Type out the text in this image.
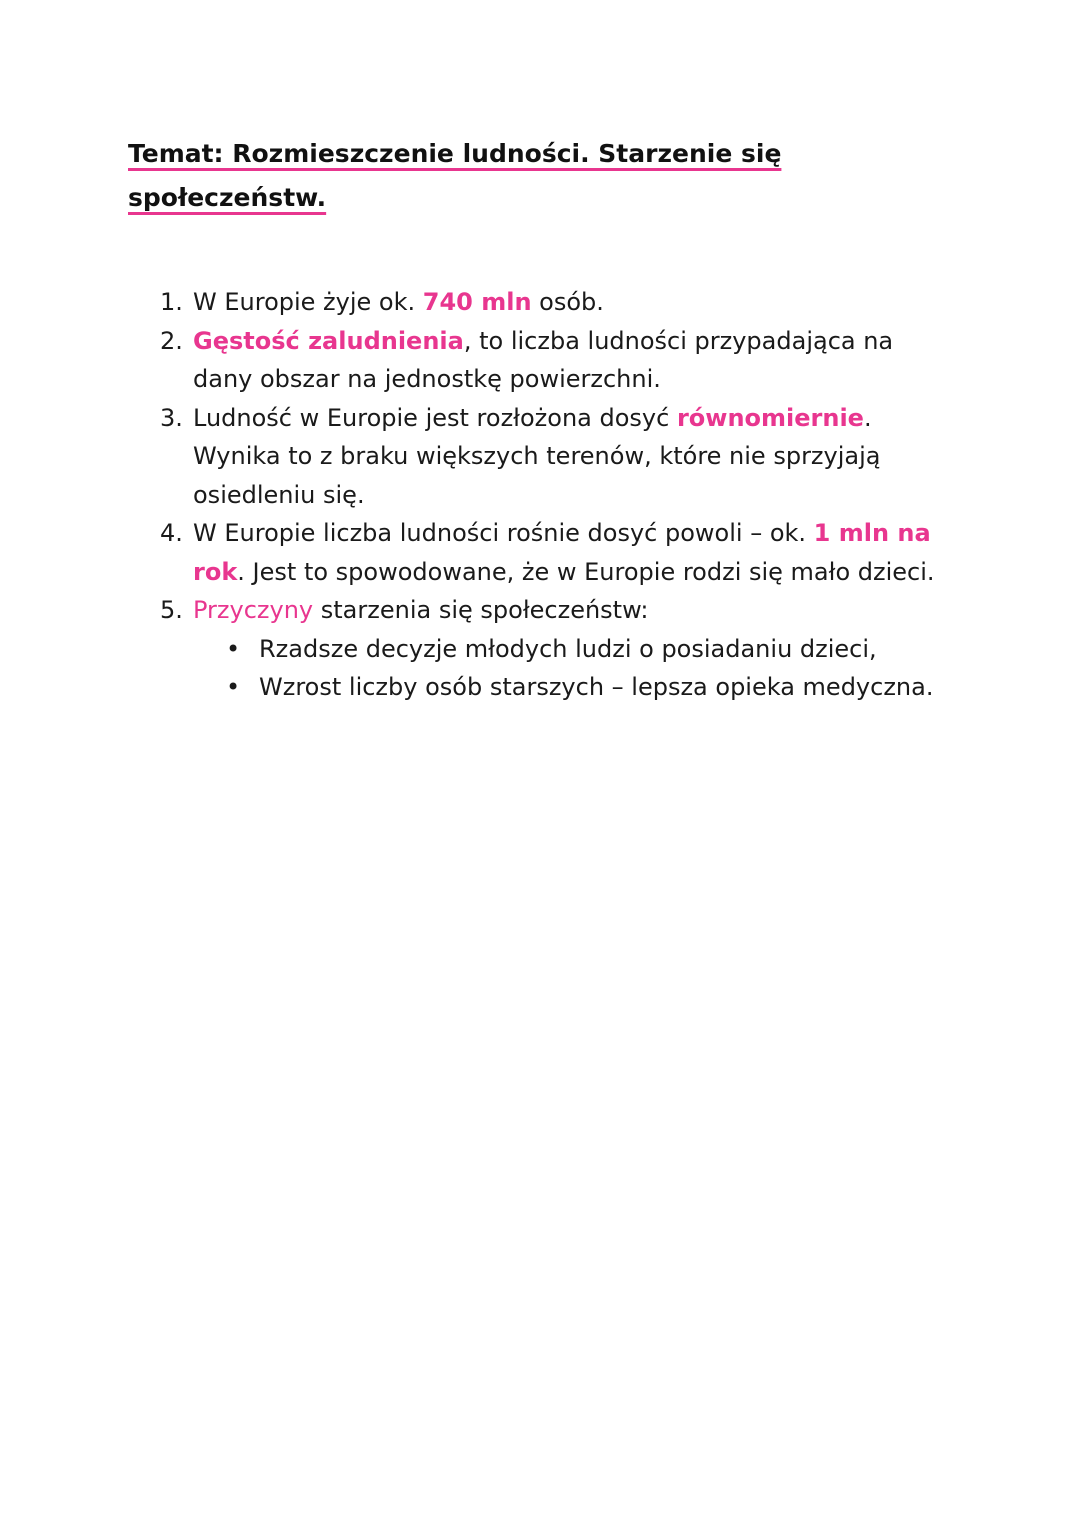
Temat: Rozmieszczenie ludności. Starzenie się
społeczeństw.
1. W Europie żyje ok. 740 mln osób.
2. Gęstość zaludnienia, to liczba ludności przypadająca na dany obszar na jednostkę powierzchni.
3. Ludność w Europie jest rozłożona dosyć równomiernie. Wynika to z braku większych terenów, które nie sprzyjają osiedleniu się.
4. W Europie liczba ludności rośnie dosyć powoli – ok. 1 mln na rok. Jest to spowodowane, że w Europie rodzi się mało dzieci.
5. Przyczyny starzenia się społeczeństw:
• Rzadsze decyzje młodych ludzi o posiadaniu dzieci,
• Wzrost liczby osób starszych – lepsza opieka medyczna.
